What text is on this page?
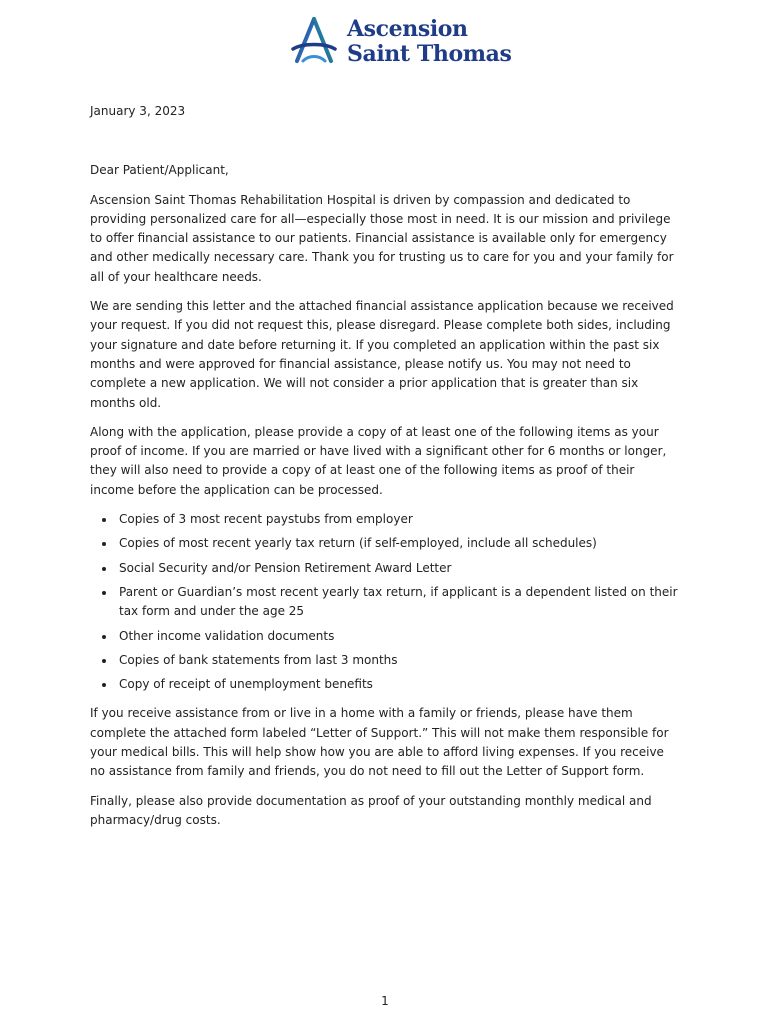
Ascension
Saint Thomas

January 3, 2023

Dear Patient/Applicant,

Ascension Saint Thomas Rehabilitation Hospital is driven by compassion and dedicated to providing personalized care for all—especially those most in need. It is our mission and privilege to offer financial assistance to our patients. Financial assistance is available only for emergency and other medically necessary care. Thank you for trusting us to care for you and your family for all of your healthcare needs.

We are sending this letter and the attached financial assistance application because we received your request. If you did not request this, please disregard. Please complete both sides, including your signature and date before returning it. If you completed an application within the past six months and were approved for financial assistance, please notify us. You may not need to complete a new application. We will not consider a prior application that is greater than six months old.

Along with the application, please provide a copy of at least one of the following items as your proof of income. If you are married or have lived with a significant other for 6 months or longer, they will also need to provide a copy of at least one of the following items as proof of their income before the application can be processed.

Copies of 3 most recent paystubs from employer
Copies of most recent yearly tax return (if self-employed, include all schedules)
Social Security and/or Pension Retirement Award Letter
Parent or Guardian’s most recent yearly tax return, if applicant is a dependent listed on their tax form and under the age 25
Other income validation documents
Copies of bank statements from last 3 months
Copy of receipt of unemployment benefits

If you receive assistance from or live in a home with a family or friends, please have them complete the attached form labeled “Letter of Support.” This will not make them responsible for your medical bills. This will help show how you are able to afford living expenses. If you receive no assistance from family and friends, you do not need to fill out the Letter of Support form.

Finally, please also provide documentation as proof of your outstanding monthly medical and pharmacy/drug costs.

1
